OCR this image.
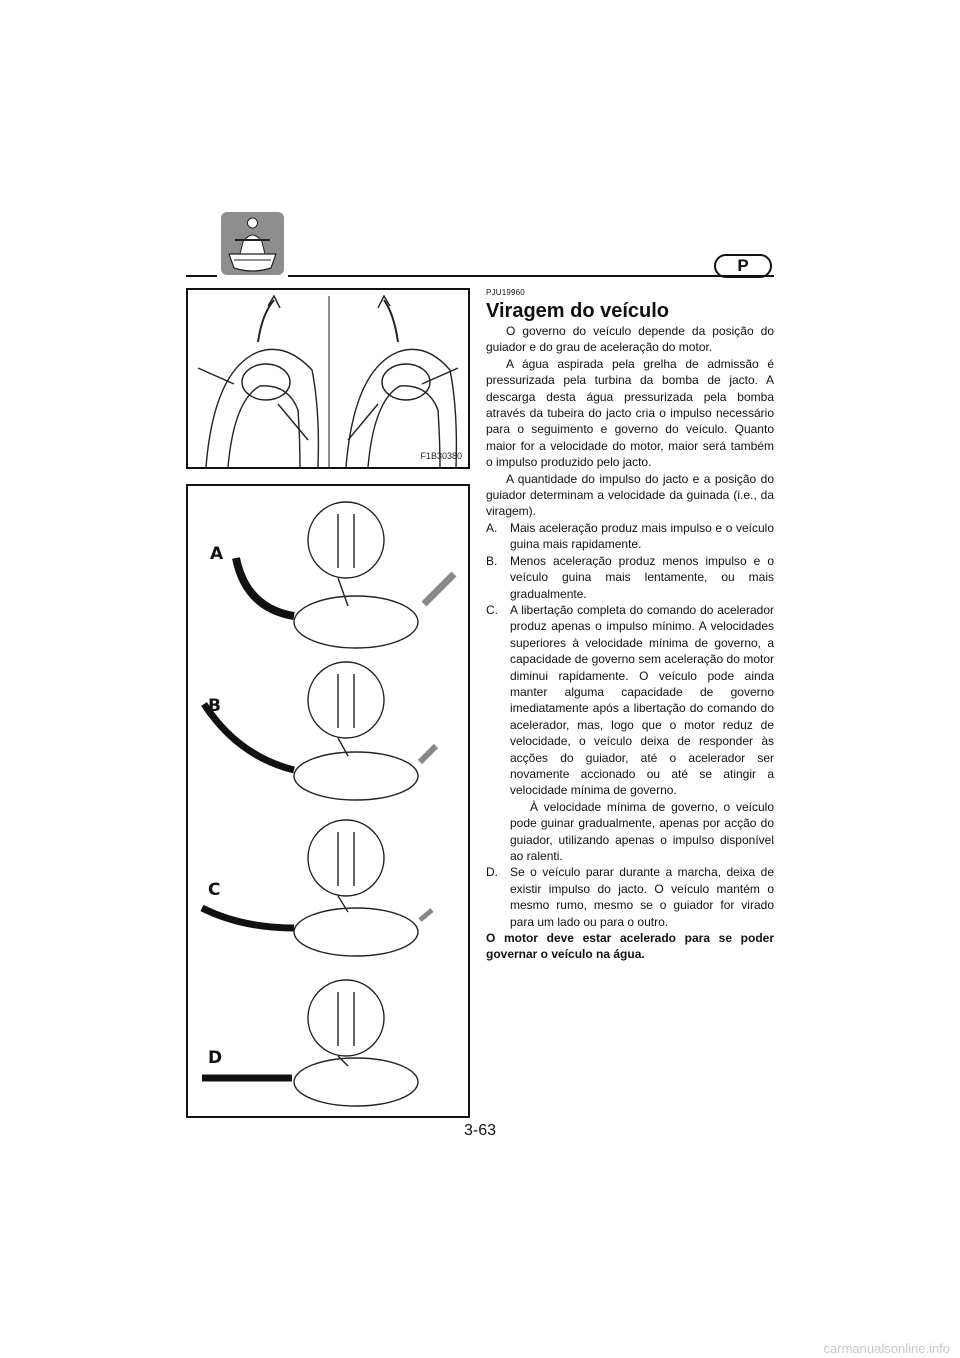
P
F1B30380
A
B
C
D
PJU19960
Viragem do veículo

O governo do veículo depende da posição do guiador e do grau de aceleração do motor.

A água aspirada pela grelha de admissão é pressurizada pela turbina da bomba de jacto. A descarga desta água pressurizada pela bomba através da tubeira do jacto cria o impulso necessário para o seguimento e governo do veículo. Quanto maior for a velocidade do motor, maior será também o impulso produzido pelo jacto.

A quantidade do impulso do jacto e a posição do guiador determinam a velocidade da guinada (i.e., da viragem).

A. Mais aceleração produz mais impulso e o veículo guina mais rapidamente.
B. Menos aceleração produz menos impulso e o veículo guina mais lentamente, ou mais gradualmente.
C. A libertação completa do comando do acelerador produz apenas o impulso mínimo. A velocidades superiores à velocidade mínima de governo, a capacidade de governo sem aceleração do motor diminui rapidamente. O veículo pode ainda manter alguma capacidade de governo imediatamente após a libertação do comando do acelerador, mas, logo que o motor reduz de velocidade, o veículo deixa de responder às acções do guiador, até o acelerador ser novamente accionado ou até se atingir a velocidade mínima de governo.
À velocidade mínima de governo, o veículo pode guinar gradualmente, apenas por acção do guiador, utilizando apenas o impulso disponível ao ralenti.
D. Se o veículo parar durante a marcha, deixa de existir impulso do jacto. O veículo mantém o mesmo rumo, mesmo se o guiador for virado para um lado ou para o outro.

O motor deve estar acelerado para se poder governar o veículo na água.

3-63
carmanualsonline.info
